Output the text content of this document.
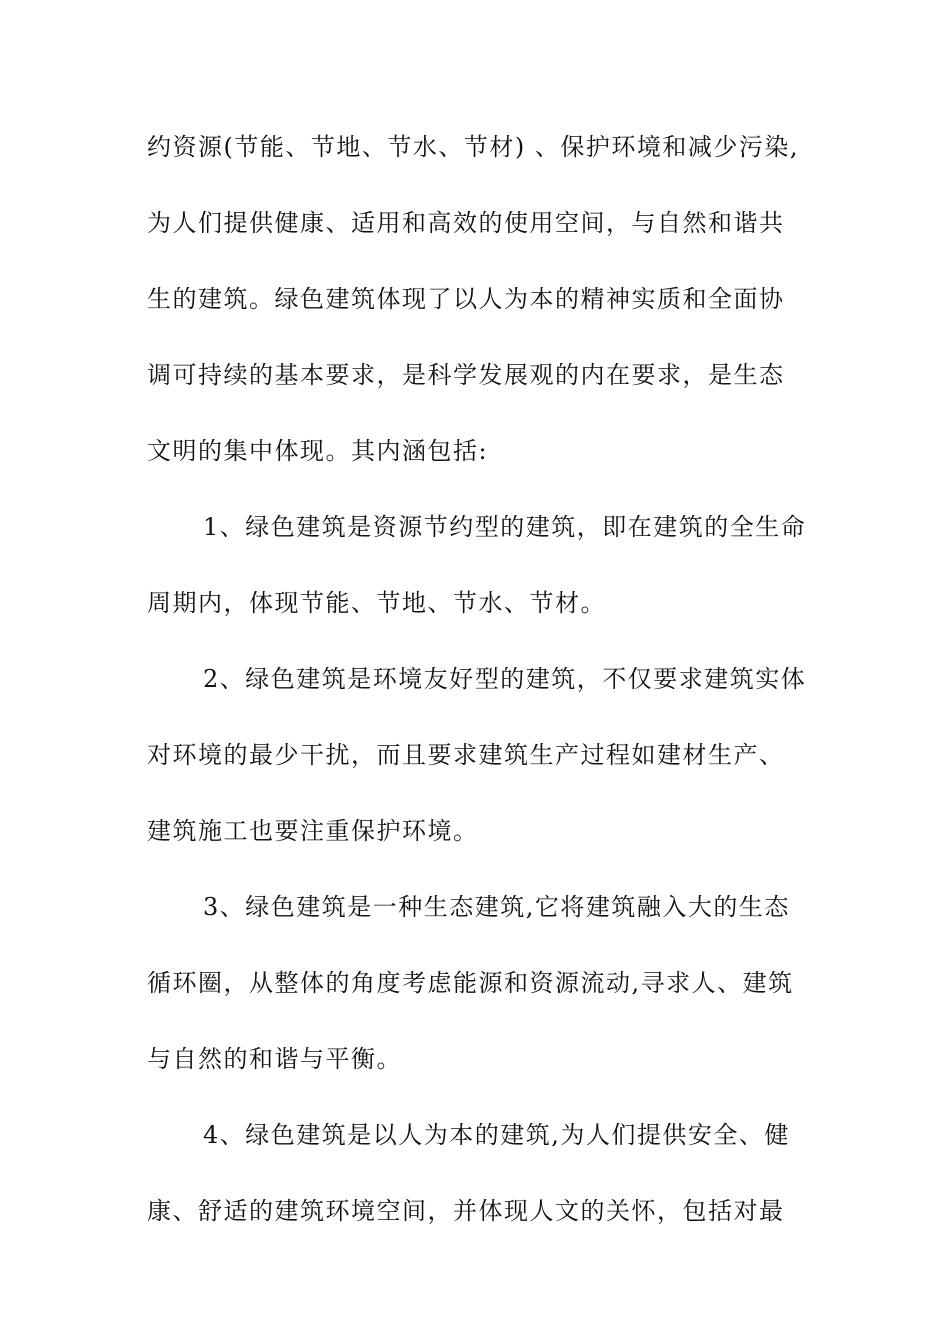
约资源(节能、节地、节水、节材) 、保护环境和减少污染,
为人们提供健康、适用和高效的使用空间，与自然和谐共
生的建筑。绿色建筑体现了以人为本的精神实质和全面协
调可持续的基本要求，是科学发展观的内在要求，是生态
文明的集中体现。其内涵包括:
1、绿色建筑是资源节约型的建筑，即在建筑的全生命
周期内，体现节能、节地、节水、节材。
2、绿色建筑是环境友好型的建筑，不仅要求建筑实体
对环境的最少干扰，而且要求建筑生产过程如建材生产、
建筑施工也要注重保护环境。
3、绿色建筑是一种生态建筑,它将建筑融入大的生态
循环圈，从整体的角度考虑能源和资源流动,寻求人、建筑
与自然的和谐与平衡。
4、绿色建筑是以人为本的建筑,为人们提供安全、健
康、舒适的建筑环境空间，并体现人文的关怀，包括对最
